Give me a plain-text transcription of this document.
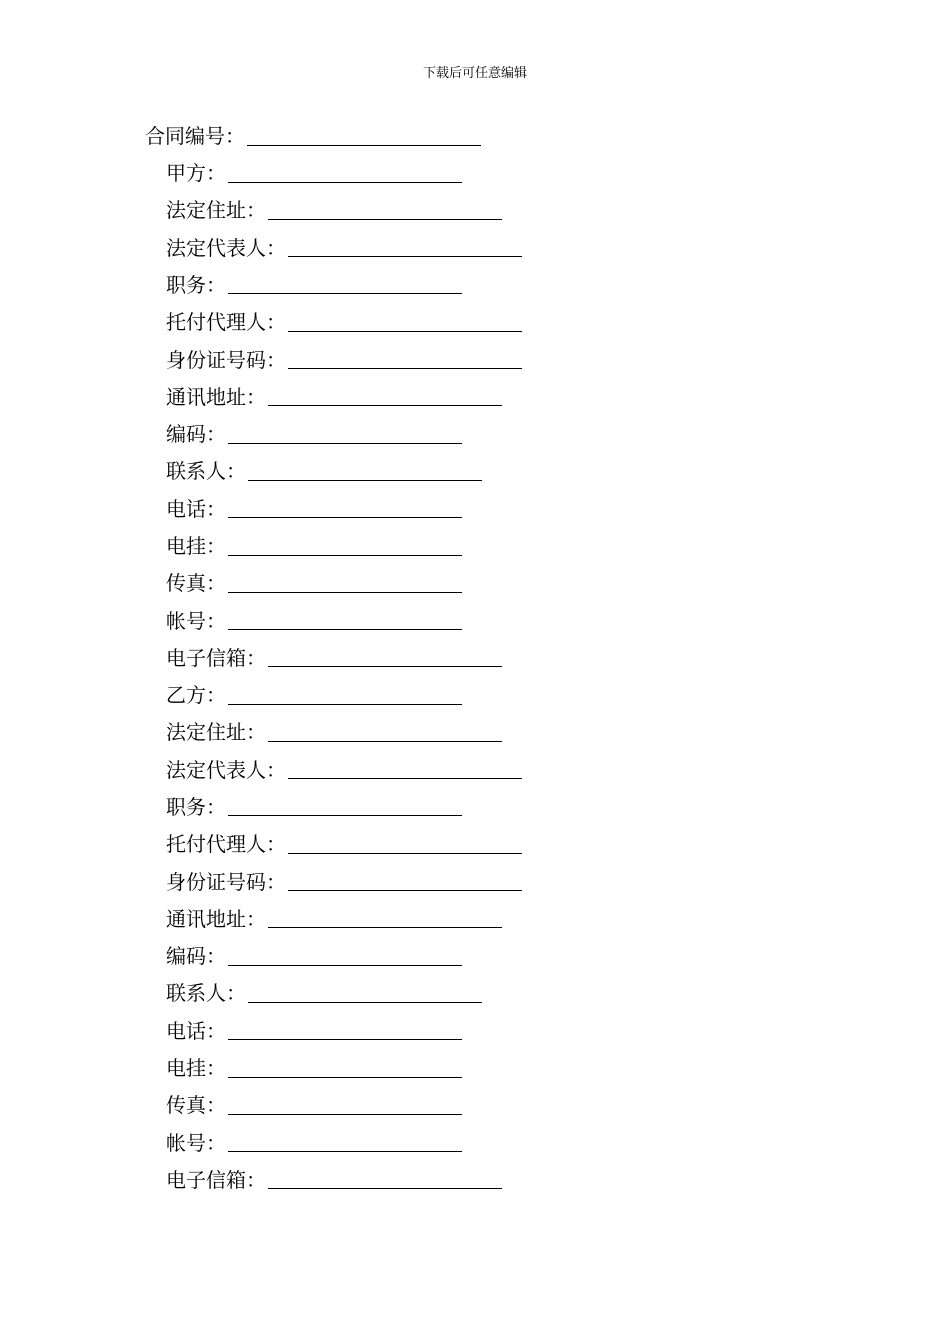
下载后可任意编辑
合同编号：
甲方：
法定住址：
法定代表人：
职务：
托付代理人：
身份证号码：
通讯地址：
编码：
联系人：
电话：
电挂：
传真：
帐号：
电子信箱：
乙方：
法定住址：
法定代表人：
职务：
托付代理人：
身份证号码：
通讯地址：
编码：
联系人：
电话：
电挂：
传真：
帐号：
电子信箱：
